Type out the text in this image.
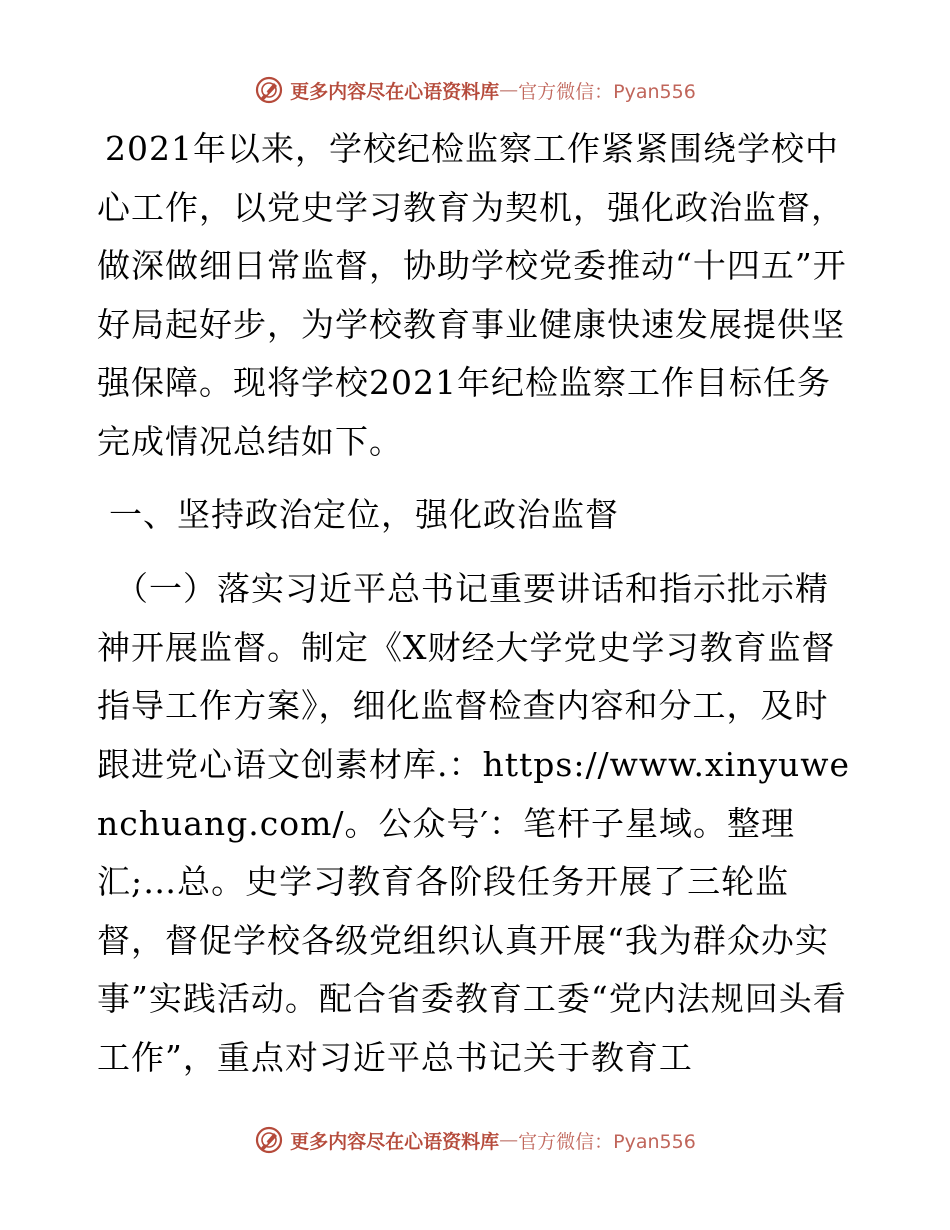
更多内容尽在心语资料库 — 官方微信：Pyan556

2021年以来，学校纪检监察工作紧紧围绕学校中心工作，以党史学习教育为契机，强化政治监督，做深做细日常监督，协助学校党委推动“十四五”开好局起好步，为学校教育事业健康快速发展提供坚强保障。现将学校2021年纪检监察工作目标任务完成情况总结如下。

一、坚持政治定位，强化政治监督

（一）落实习近平总书记重要讲话和指示批示精神开展监督。制定《X财经大学党史学习教育监督指导工作方案》，细化监督检查内容和分工，及时跟进党心语文创素材库.：https://www.xinyuwenchuang.com/。公众号′：笔杆子星域。整理汇;…总。史学习教育各阶段任务开展了三轮监督，督促学校各级党组织认真开展“我为群众办实事”实践活动。配合省委教育工委“党内法规回头看工作”，重点对习近平总书记关于教育工

更多内容尽在心语资料库 — 官方微信：Pyan556
